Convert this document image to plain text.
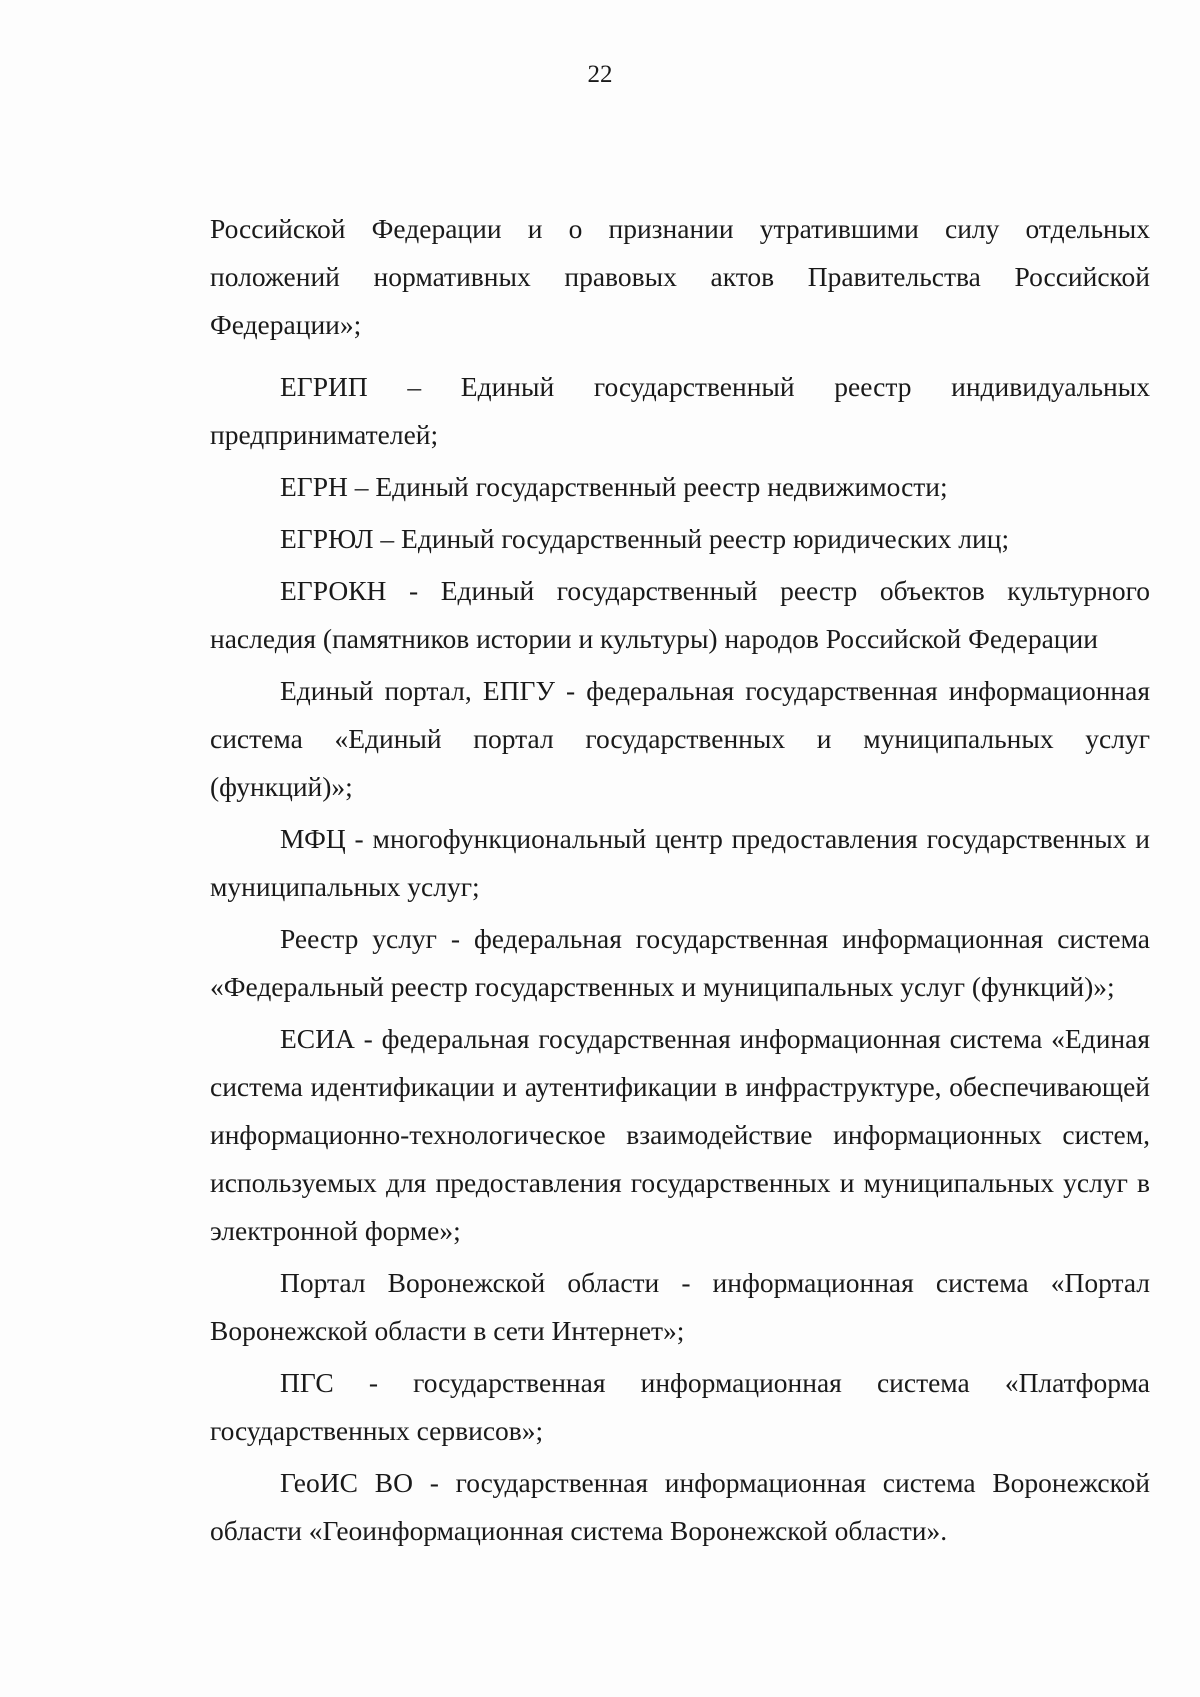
22

Российской Федерации и о признании утратившими силу отдельных положений нормативных правовых актов Правительства Российской Федерации»;

ЕГРИП – Единый государственный реестр индивидуальных предпринимателей;

ЕГРН – Единый государственный реестр недвижимости;

ЕГРЮЛ – Единый государственный реестр юридических лиц;

ЕГРОКН - Единый государственный реестр объектов культурного наследия (памятников истории и культуры) народов Российской Федерации

Единый портал, ЕПГУ - федеральная государственная информационная система «Единый портал государственных и муниципальных услуг (функций)»;

МФЦ - многофункциональный центр предоставления государственных и муниципальных услуг;

Реестр услуг - федеральная государственная информационная система «Федеральный реестр государственных и муниципальных услуг (функций)»;

ЕСИА - федеральная государственная информационная система «Единая система идентификации и аутентификации в инфраструктуре, обеспечивающей информационно-технологическое взаимодействие информационных систем, используемых для предоставления государственных и муниципальных услуг в электронной форме»;

Портал Воронежской области - информационная система «Портал Воронежской области в сети Интернет»;

ПГС - государственная информационная система «Платформа государственных сервисов»;

ГеоИС ВО - государственная информационная система Воронежской области «Геоинформационная система Воронежской области».
